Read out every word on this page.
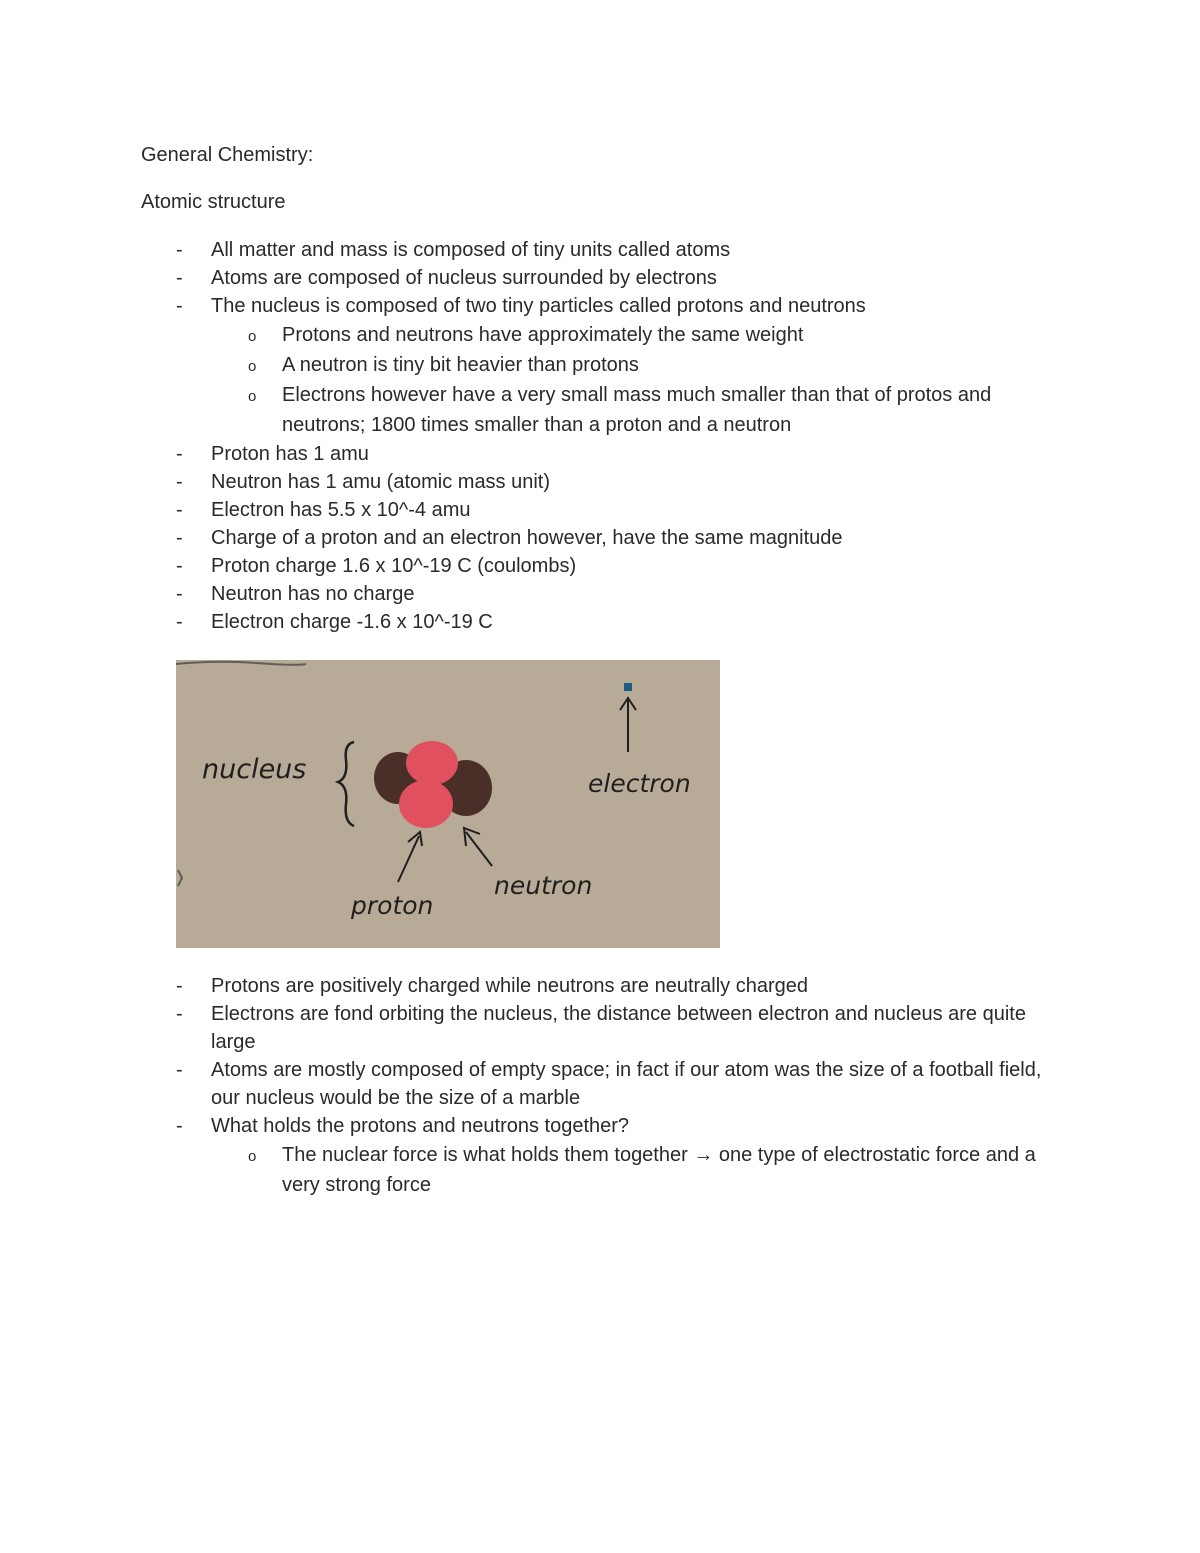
General Chemistry:
Atomic structure
- All matter and mass is composed of tiny units called atoms
- Atoms are composed of nucleus surrounded by electrons
- The nucleus is composed of two tiny particles called protons and neutrons
o Protons and neutrons have approximately the same weight
o A neutron is tiny bit heavier than protons
o Electrons however have a very small mass much smaller than that of protos and neutrons; 1800 times smaller than a proton and a neutron
- Proton has 1 amu
- Neutron has 1 amu (atomic mass unit)
- Electron has 5.5 x 10^-4 amu
- Charge of a proton and an electron however, have the same magnitude
- Proton charge 1.6 x 10^-19 C (coulombs)
- Neutron has no charge
- Electron charge -1.6 x 10^-19 C
nucleus	electron
proton
neutron
- Protons are positively charged while neutrons are neutrally charged
- Electrons are fond orbiting the nucleus, the distance between electron and nucleus are quite large
- Atoms are mostly composed of empty space; in fact if our atom was the size of a football field, our nucleus would be the size of a marble
- What holds the protons and neutrons together?
o The nuclear force is what holds them together → one type of electrostatic force and a very strong force
